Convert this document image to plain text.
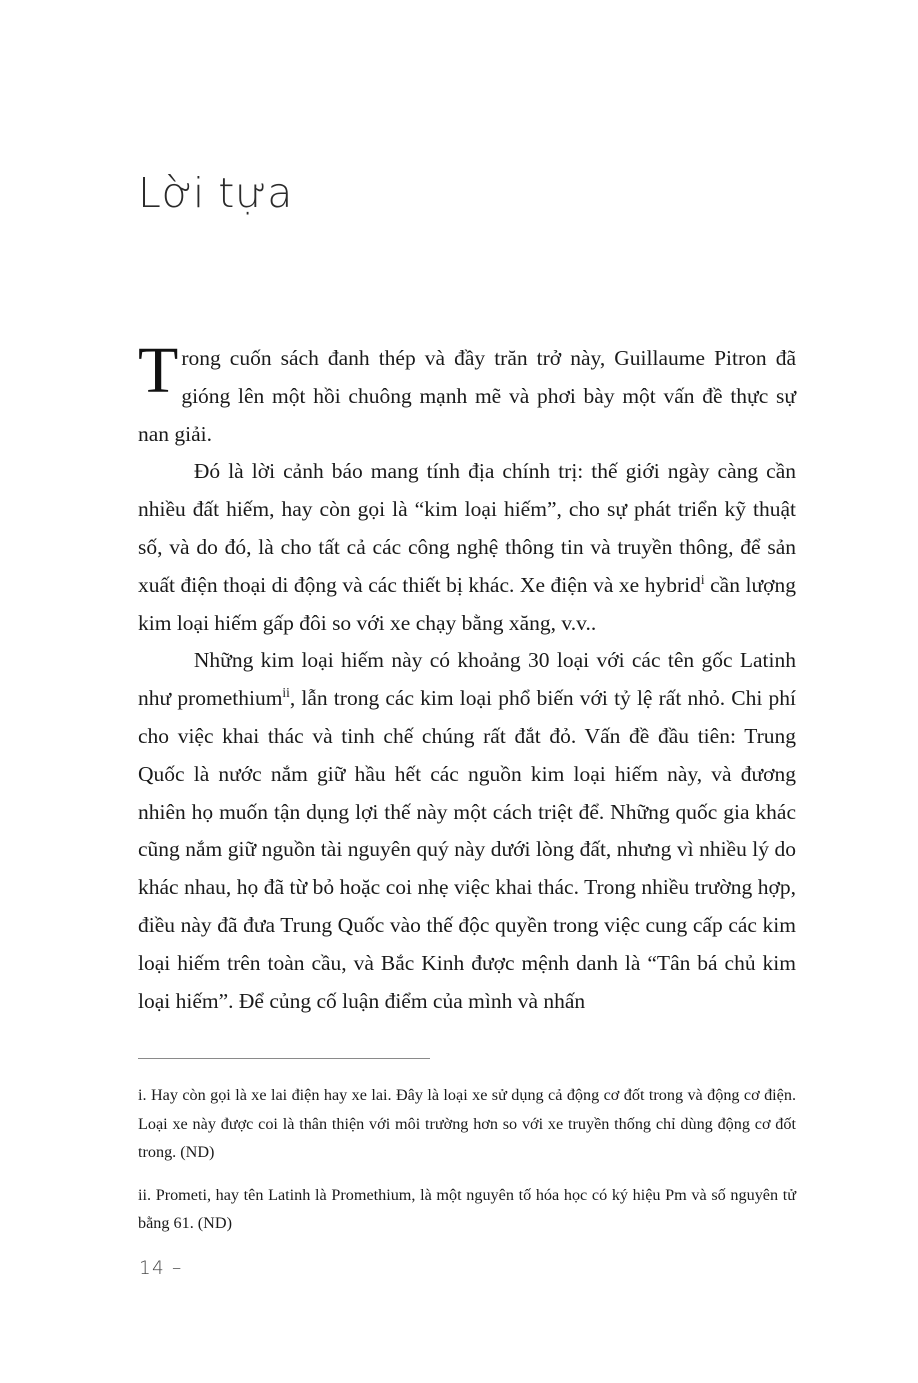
Lời tựa

Trong cuốn sách đanh thép và đầy trăn trở này, Guillaume Pitron đã gióng lên một hồi chuông mạnh mẽ và phơi bày một vấn đề thực sự nan giải.

Đó là lời cảnh báo mang tính địa chính trị: thế giới ngày càng cần nhiều đất hiếm, hay còn gọi là “kim loại hiếm”, cho sự phát triển kỹ thuật số, và do đó, là cho tất cả các công nghệ thông tin và truyền thông, để sản xuất điện thoại di động và các thiết bị khác. Xe điện và xe hybrid$^i$ cần lượng kim loại hiếm gấp đôi so với xe chạy bằng xăng, v.v..

Những kim loại hiếm này có khoảng 30 loại với các tên gốc Latinh như promethium$^{ii}$, lẫn trong các kim loại phổ biến với tỷ lệ rất nhỏ. Chi phí cho việc khai thác và tinh chế chúng rất đắt đỏ. Vấn đề đầu tiên: Trung Quốc là nước nắm giữ hầu hết các nguồn kim loại hiếm này, và đương nhiên họ muốn tận dụng lợi thế này một cách triệt để. Những quốc gia khác cũng nắm giữ nguồn tài nguyên quý này dưới lòng đất, nhưng vì nhiều lý do khác nhau, họ đã từ bỏ hoặc coi nhẹ việc khai thác. Trong nhiều trường hợp, điều này đã đưa Trung Quốc vào thế độc quyền trong việc cung cấp các kim loại hiếm trên toàn cầu, và Bắc Kinh được mệnh danh là “Tân bá chủ kim loại hiếm”. Để củng cố luận điểm của mình và nhấn

i. Hay còn gọi là xe lai điện hay xe lai. Đây là loại xe sử dụng cả động cơ đốt trong và động cơ điện. Loại xe này được coi là thân thiện với môi trường hơn so với xe truyền thống chỉ dùng động cơ đốt trong. (ND)

ii. Prometi, hay tên Latinh là Promethium, là một nguyên tố hóa học có ký hiệu Pm và số nguyên tử bằng 61. (ND)

14 –
